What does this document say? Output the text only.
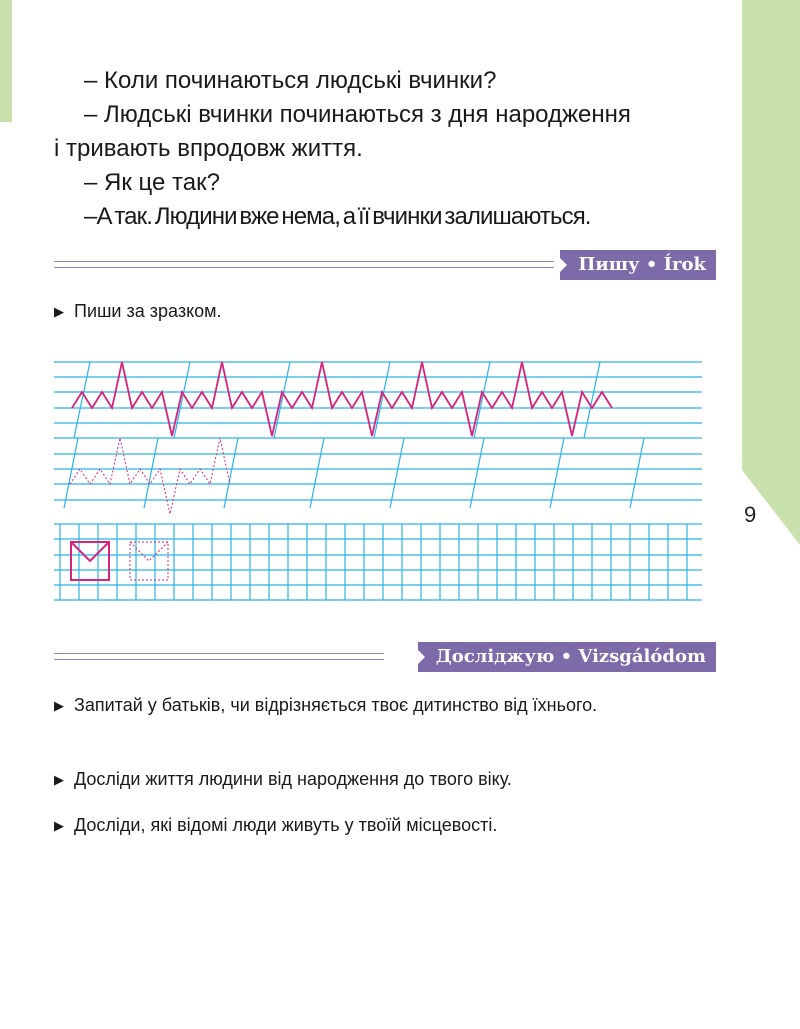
9
– Коли починаються людські вчинки?
– Людські вчинки починаються з дня народження
і тривають впродовж життя.
– Як це так?
–А так. Людини вже нема, а її вчинки залишаються.
Пишу • Írok
▶ Пиши за зразком.
Досліджую • Vizsgálódom
▶ Запитай у батьків, чи відрізняється твоє дитинство від їхнього.
▶ Досліди життя людини від народження до твого віку.
▶ Досліди, які відомі люди живуть у твоїй місцевості.
